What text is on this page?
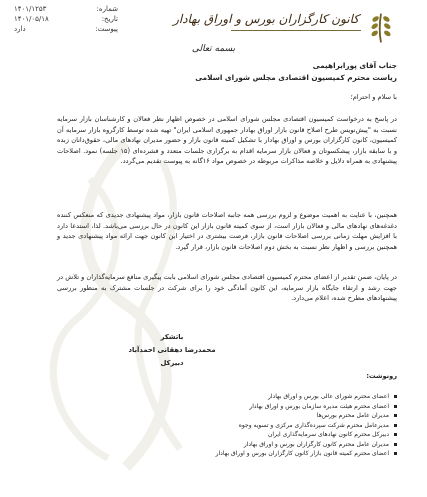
شماره:
۱۴۰۱/۱۲۵۳
تاریخ:
۱۴۰۱/۰۵/۱۸
پیوست:
دارد
کانون کارگزاران بورس و اوراق بهادار
بسمه تعالی
جناب آقای پورابراهیمی
ریاست محترم کمیسیون اقتصادی مجلس شورای اسلامی
با سلام و احترام؛
در پاسخ به درخواست کمیسیون اقتصادی مجلس شورای اسلامی در خصوص اظهار نظر فعالان و کارشناسان بازار سرمایه نسبت به "پیش‌نویس طرح اصلاح قانون بازار اوراق بهادار جمهوری اسلامی ایران" تهیه شده توسط کارگروه بازار سرمایه آن کمیسیون، کانون کارگزاران بورس و اوراق بهادار با تشکیل کمیته قانون بازار و حضور مدیران نهادهای مالی، حقوق‌دانان زبده و با سابقه بازار، پیشکسوتان و فعالان بازار سرمایه اقدام به برگزاری جلسات متعدد و فشرده‌ای (۱۵ جلسه) نمود. اصلاحات پیشنهادی به همراه دلایل و خلاصه مذاکرات مربوطه در خصوص مواد ۱۶گانه به پیوست تقدیم می‌گردد.
همچنین، با عنایت به اهمیت موضوع و لزوم بررسی همه جانبه اصلاحات قانون بازار، مواد پیشنهادی جدیدی که منعکس کننده دغدغه‌های نهادهای مالی و فعالان بازار است، از سوی کمیته قانون بازار این کانون در حال بررسی می‌باشد. لذا، استدعا دارد با افزایش مهلت زمانی بررسی اصلاحات قانون بازار، فرصت بیشتری در اختیار این کانون جهت ارائه مواد پیشنهادی جدید و همچنین بررسی و اظهار نظر نسبت به بخش دوم اصلاحات قانون بازار، قرار گیرد.
در پایان، ضمن تقدیر از اعضای محترم کمیسیون اقتصادی مجلس شورای اسلامی بابت پیگیری منافع سرمایه‌گذاران و تلاش در جهت رشد و ارتقاء جایگاه بازار سرمایه، این کانون آمادگی خود را برای شرکت در جلسات مشترک به منظور بررسی پیشنهادهای مطرح شده، اعلام می‌دارد.
باتشکر
محمدرضا دهقانی احمدآباد
دبیرکل
رونوشت:
اعضای محترم شورای عالی بورس و اوراق بهادار
اعضای محترم هیئت مدیره سازمان بورس و اوراق بهادار
مدیران عامل محترم بورس‌ها
مدیرعامل محترم شرکت سپرده‌گذاری مرکزی و تسویه وجوه
دبیرکل محترم کانون نهادهای سرمایه‌گذاری ایران
مدیران عامل محترم کانون کارگزاران بورس و اوراق بهادار
اعضای محترم کمیته قانون بازار کانون کارگزاران بورس و اوراق بهادار
